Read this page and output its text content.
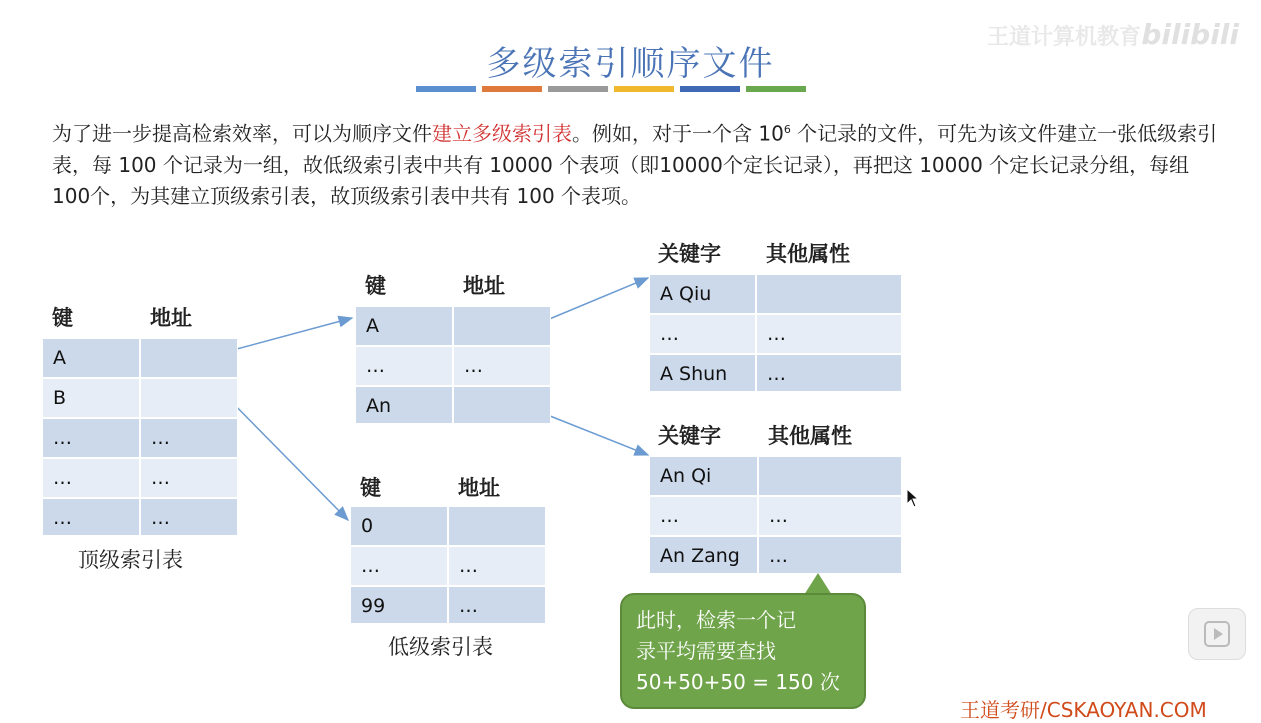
王道计算机教育 bilibili
多级索引顺序文件
为了进一步提高检索效率，可以为顺序文件建立多级索引表。例如，对于一个含 $10^6$ 个记录的文件，可先为该文件建立一张低级索引表，每 100 个记录为一组，故低级索引表中共有 10000 个表项（即10000个定长记录），再把这 10000 个定长记录分组，每组100个，为其建立顶级索引表，故顶级索引表中共有 100 个表项。
键	地址
A
B
…	…
…	…
…	…
顶级索引表
键	地址
A
…	…
An
键	地址
0
…	…
99	…
低级索引表
关键字 其他属性
A Qiu
…	…
A Shun	…
关键字 其他属性
An Qi
…	…
An Zang	…
此时，检索一个记
录平均需要查找
50+50+50 = 150 次
王道考研/CSKAOYAN.COM
